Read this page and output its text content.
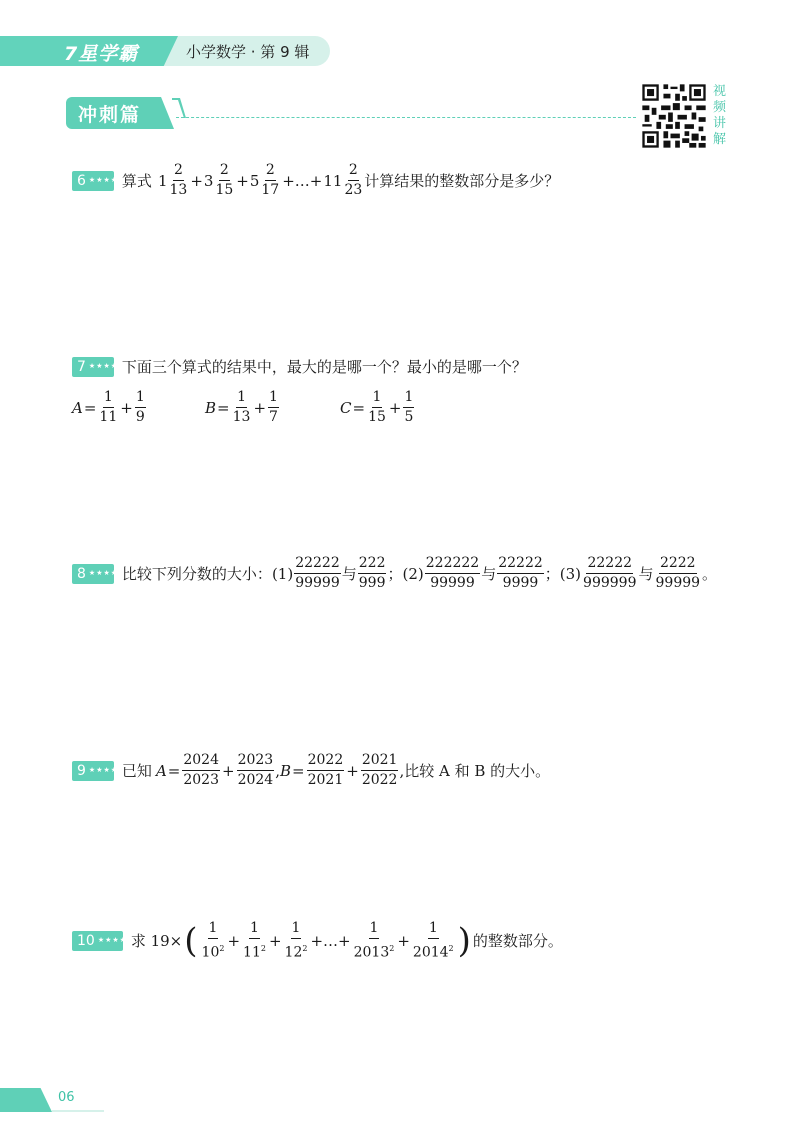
7星学霸	小学数学 · 第 9 辑
冲刺篇
视
频
讲
解
6 ★★★★ 算式 $1 \frac{2}{13} + 3 \frac{2}{15} + 5 \frac{2}{17}$ +…+ $11 \frac{2}{23}$ 计算结果的整数部分是多少？
7 ★★★★ 下面三个算式的结果中，最大的是哪一个？最小的是哪一个？
$A = \frac{1}{11} + \frac{1}{9}$	$B = \frac{1}{13} + \frac{1}{7}$	$C = \frac{1}{15} + \frac{1}{5}$
8 ★★★★ 比较下列分数的大小： $(1) \frac{22222}{99999}$ 与 $\frac{222}{999}$ ； $(2) \frac{222222}{99999}$ 与 $\frac{22222}{9999}$ ； $(3) \frac{22222}{999999}$ 与 $\frac{2222}{99999}$ 。
9 ★★★★★
已知 $A = \frac{2024}{2023} + \frac{2023}{2024}$ , $B = \frac{2022}{2021} + \frac{2021}{2022}$ , 比较 A 和 B 的大小。
10 ★★★★★
求 19× ( $\frac{1}{10^2} + \frac{1}{11^2} + \frac{1}{12^2}$ +…+ $\frac{1}{2013^2} + \frac{1}{2014^2}$ ) 的整数部分。
06
